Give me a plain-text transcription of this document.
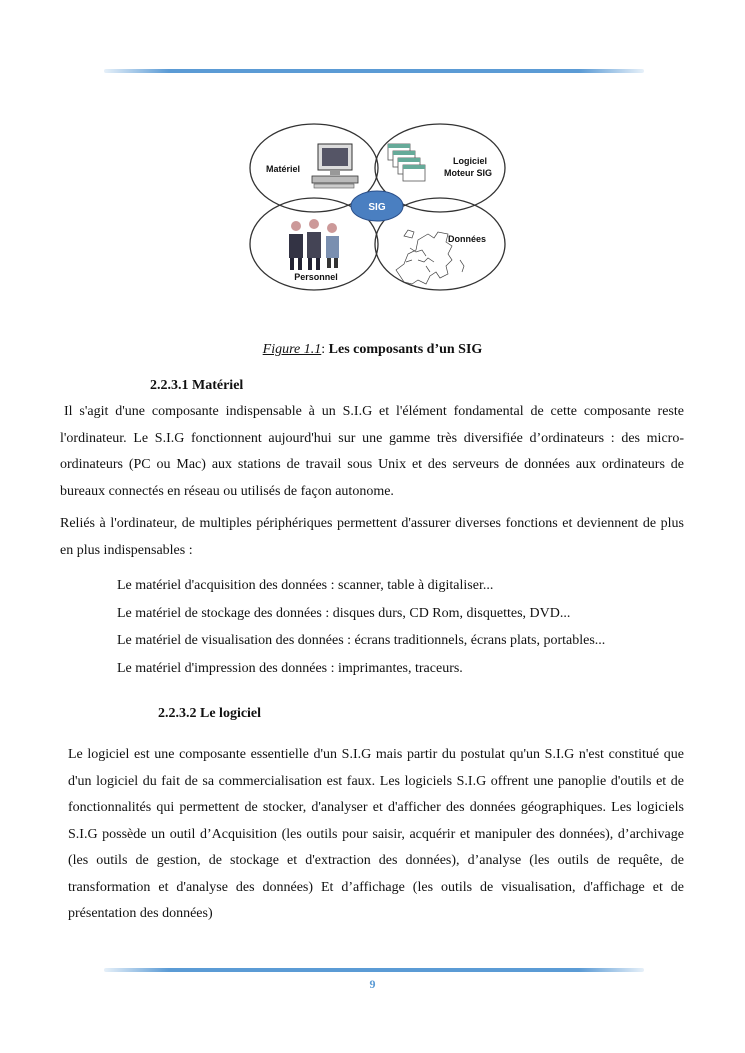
SIG
Matériel
Logiciel
Moteur SIG
Données
Personnel
Figure 1.1: Les composants d’un SIG
2.2.3.1 Matériel

Il s'agit d'une composante indispensable à un S.I.G et l'élément fondamental de cette composante reste l'ordinateur. Le S.I.G fonctionnent aujourd'hui sur une gamme très diversifiée d’ordinateurs : des micro-ordinateurs (PC ou Mac) aux stations de travail sous Unix et des serveurs de données aux ordinateurs de bureaux connectés en réseau ou utilisés de façon autonome.

Reliés à l'ordinateur, de multiples périphériques permettent d'assurer diverses fonctions et deviennent de plus en plus indispensables :

Le matériel d'acquisition des données : scanner, table à digitaliser...
Le matériel de stockage des données : disques durs, CD Rom, disquettes, DVD...
Le matériel de visualisation des données : écrans traditionnels, écrans plats, portables...
Le matériel d'impression des données : imprimantes, traceurs.
2.2.3.2 Le logiciel

Le logiciel est une composante essentielle d'un S.I.G mais partir du postulat qu'un S.I.G n'est constitué que d'un logiciel du fait de sa commercialisation est faux. Les logiciels S.I.G offrent une panoplie d'outils et de fonctionnalités qui permettent de stocker, d'analyser et d'afficher des données géographiques. Les logiciels S.I.G possède un outil d’Acquisition (les outils pour saisir, acquérir et manipuler des données), d’archivage (les outils de gestion, de stockage et d'extraction des données), d’analyse (les outils de requête, de transformation et d'analyse des données) Et d’affichage (les outils de visualisation, d'affichage et de présentation des données)

9
